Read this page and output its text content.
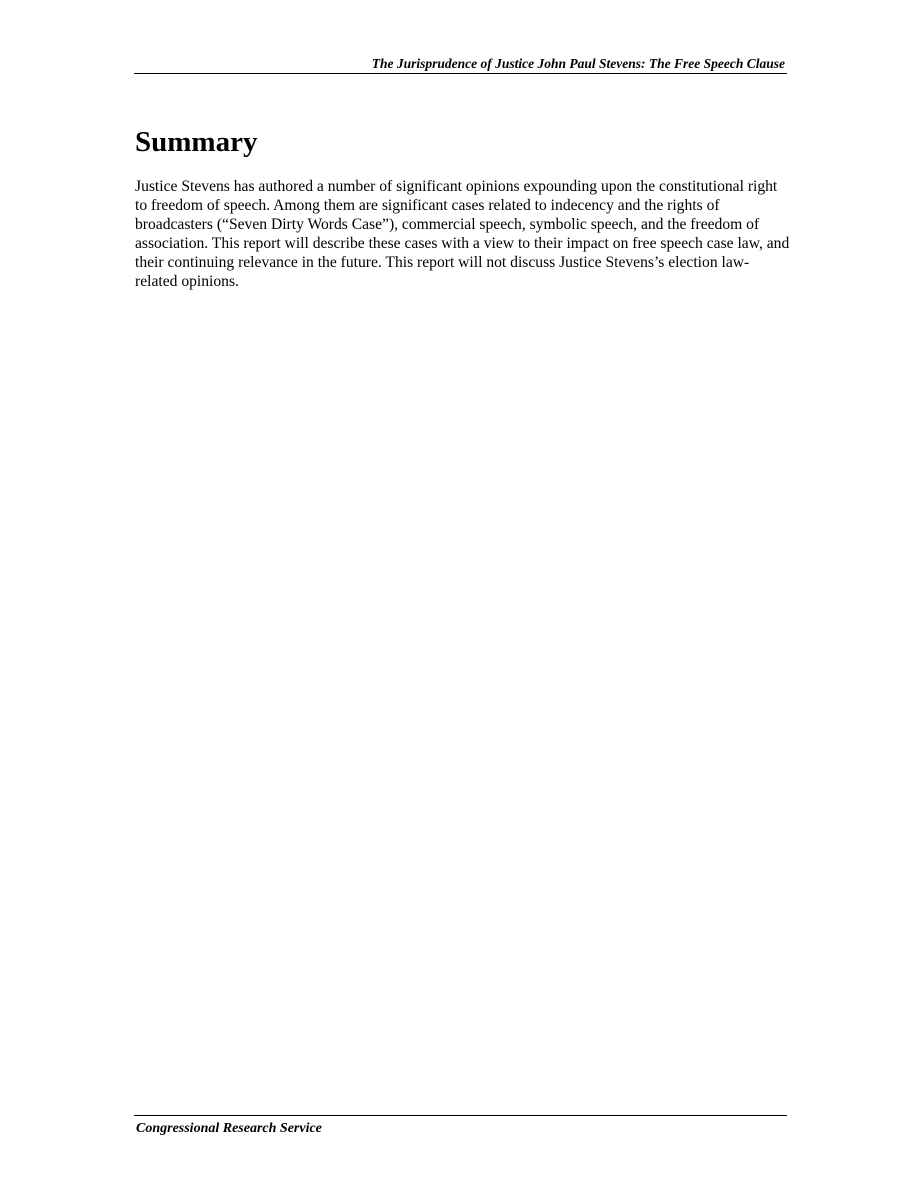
The Jurisprudence of Justice John Paul Stevens: The Free Speech Clause
Summary

Justice Stevens has authored a number of significant opinions expounding upon the constitutional right to freedom of speech. Among them are significant cases related to indecency and the rights of broadcasters (“Seven Dirty Words Case”), commercial speech, symbolic speech, and the freedom of association. This report will describe these cases with a view to their impact on free speech case law, and their continuing relevance in the future. This report will not discuss Justice Stevens’s election law-related opinions.

Congressional Research Service
